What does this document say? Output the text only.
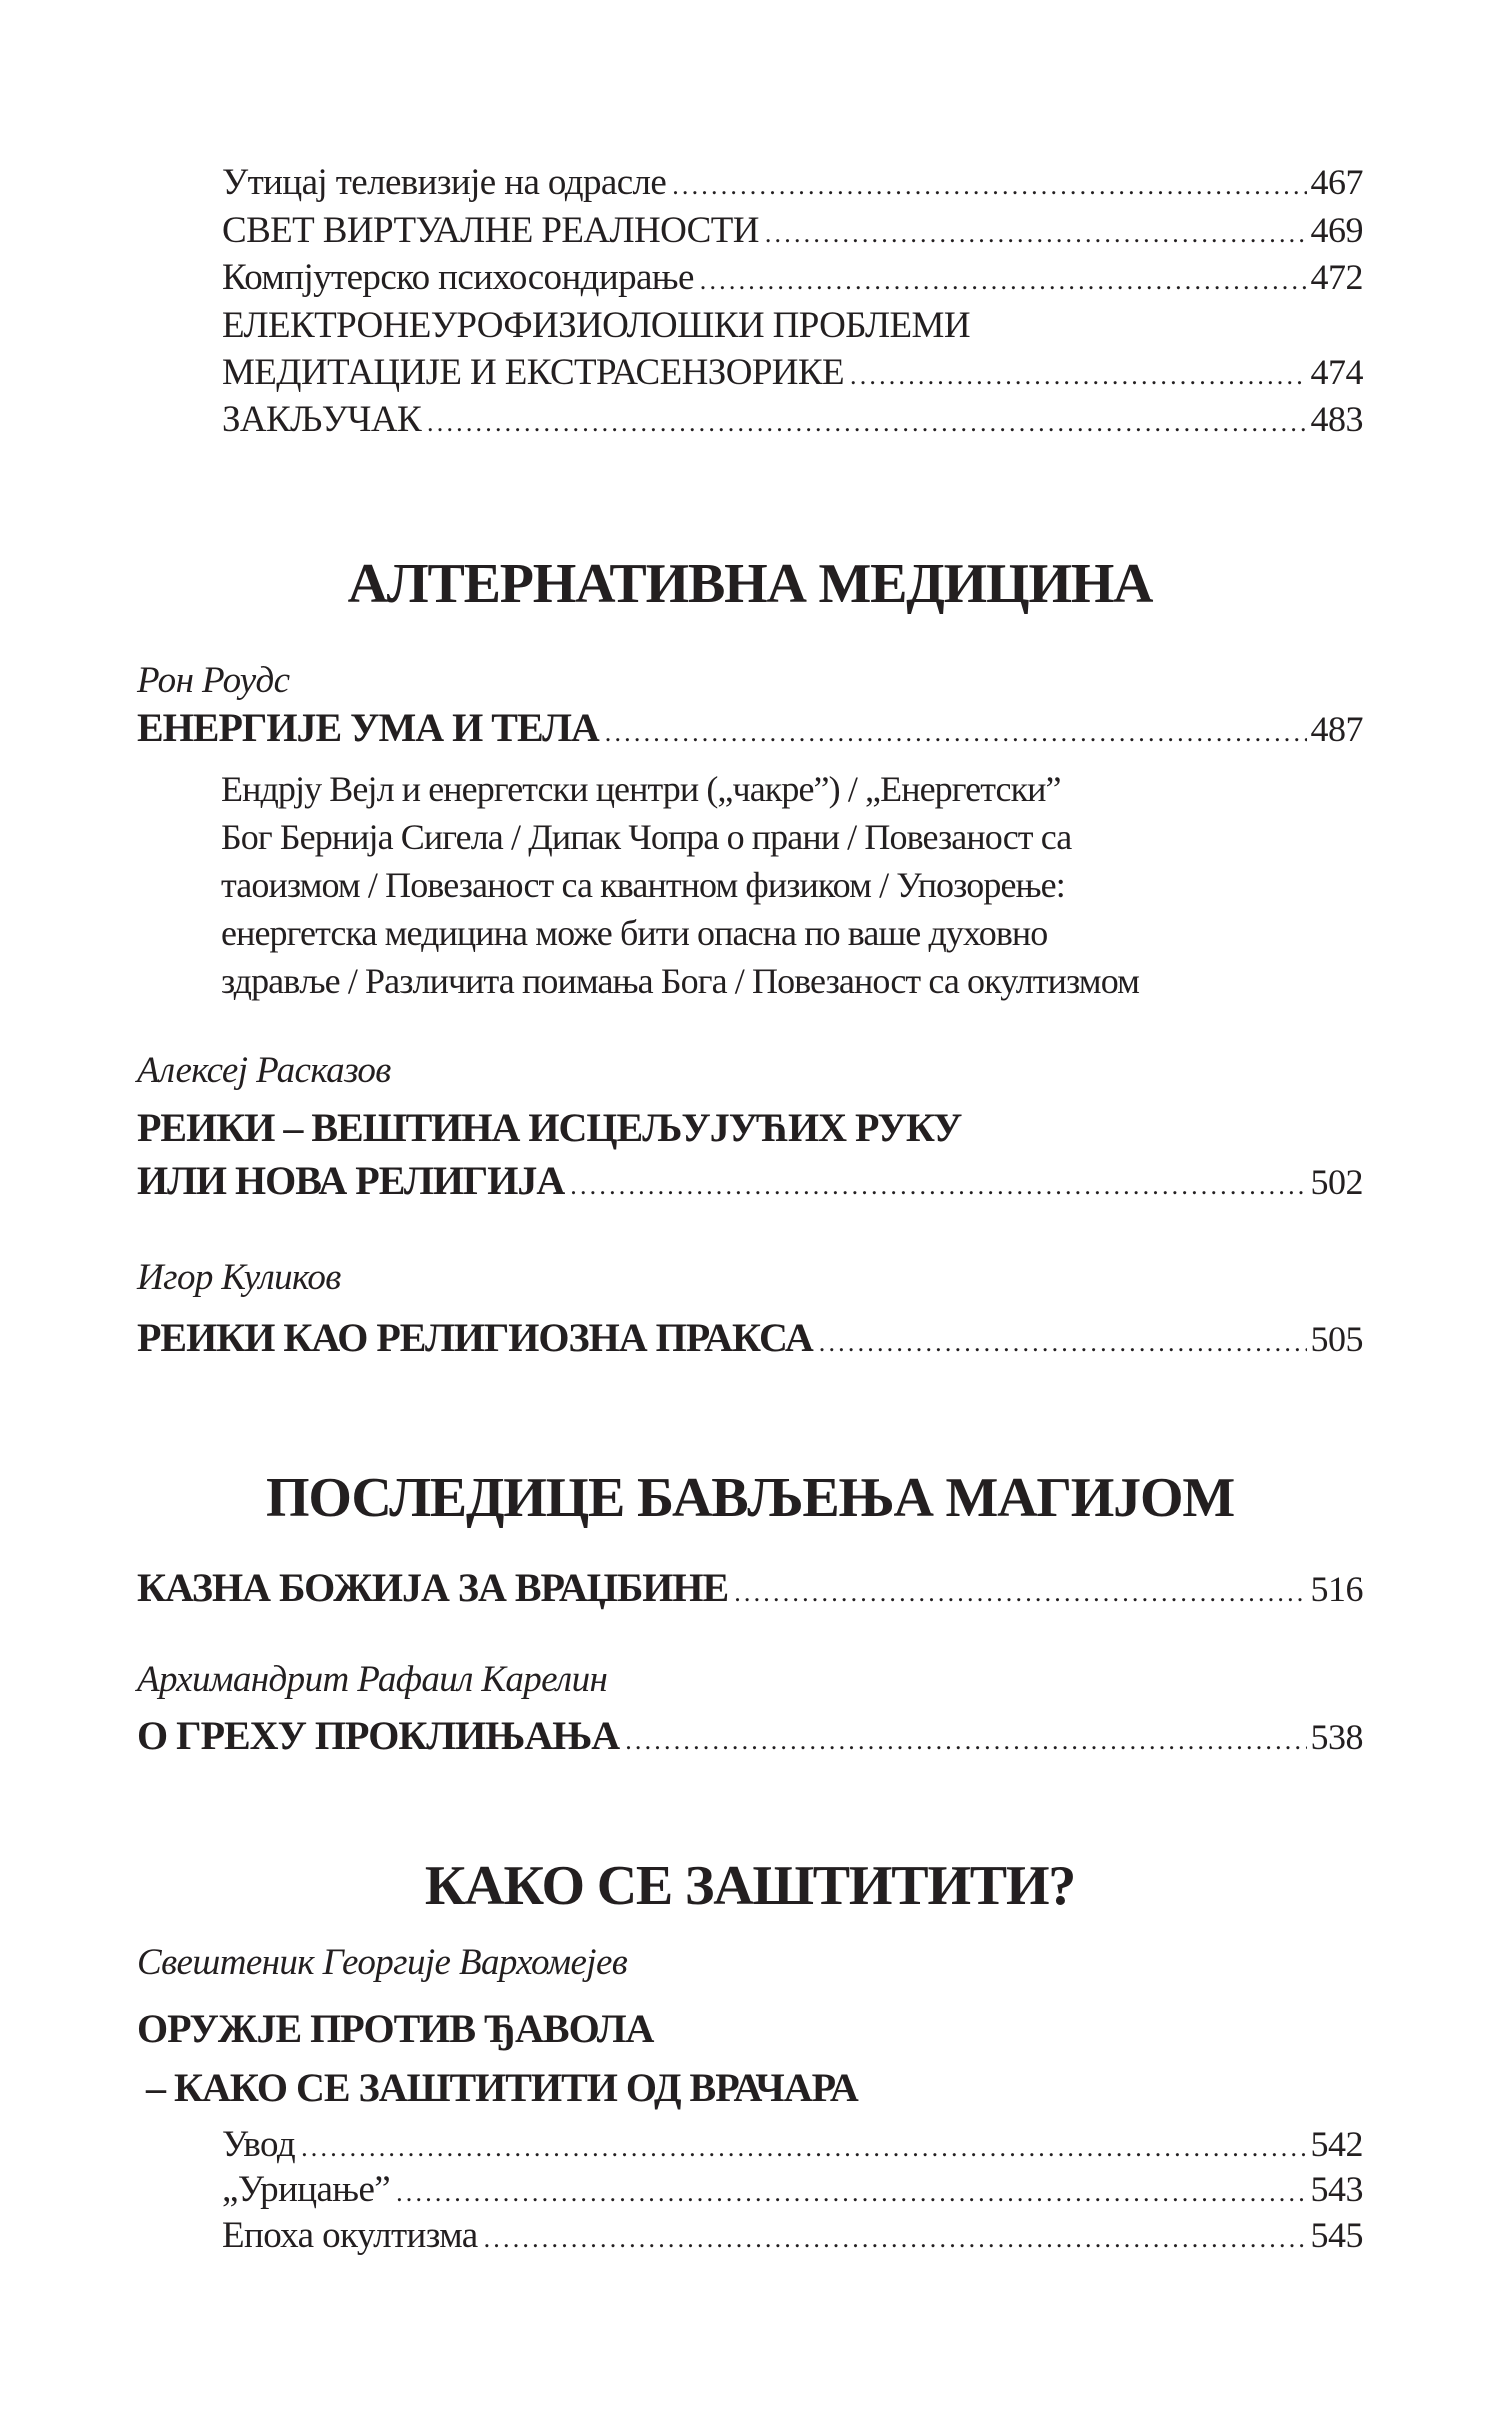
Утицај телевизије на одрасле .....	467
СВЕТ ВИРТУАЛНЕ РЕАЛНОСТИ .....	469
Компјутерско психосондирање .....	472
ЕЛЕКТРОНЕУРОФИЗИОЛОШКИ ПРОБЛЕМИ
МЕДИТАЦИЈЕ И ЕКСТРАСЕНЗОРИКЕ .....	474
ЗАКЉУЧАК .....	483
АЛТЕРНАТИВНА МЕДИЦИНА
Рон Роудс
ЕНЕРГИЈЕ УМА И ТЕЛА .....	487
Ендрју Вејл и енергетски центри („чакре”) / „Енергетски”
Бог Бернија Сигела / Дипак Чопра о прани / Повезаност са
таоизмом / Повезаност са квантном физиком / Упозорење:
енергетска медицина може бити опасна по ваше духовно
здравље / Различита поимања Бога / Повезаност са окултизмом
Алексеј Расказов
РЕИКИ – ВЕШТИНА ИСЦЕЉУЈУЋИХ РУКУ
ИЛИ НОВА РЕЛИГИЈА .....	502
Игор Куликов
РЕИКИ КАО РЕЛИГИОЗНА ПРАКСА .....	505
ПОСЛЕДИЦЕ БАВЉЕЊА МАГИЈОМ
КАЗНА БОЖИЈА ЗА ВРАЏБИНЕ .....	516
Архимандрит Рафаил Карелин
О ГРЕХУ ПРОКЛИЊАЊА .....	538
КАКО СЕ ЗАШТИТИТИ?
Свештеник Георгије Вархомејев
ОРУЖЈЕ ПРОТИВ ЂАВОЛА
– КАКО СЕ ЗАШТИТИТИ ОД ВРАЧАРА
Увод .....	542
„Урицање” .....	543
Епоха окултизма .....	545
